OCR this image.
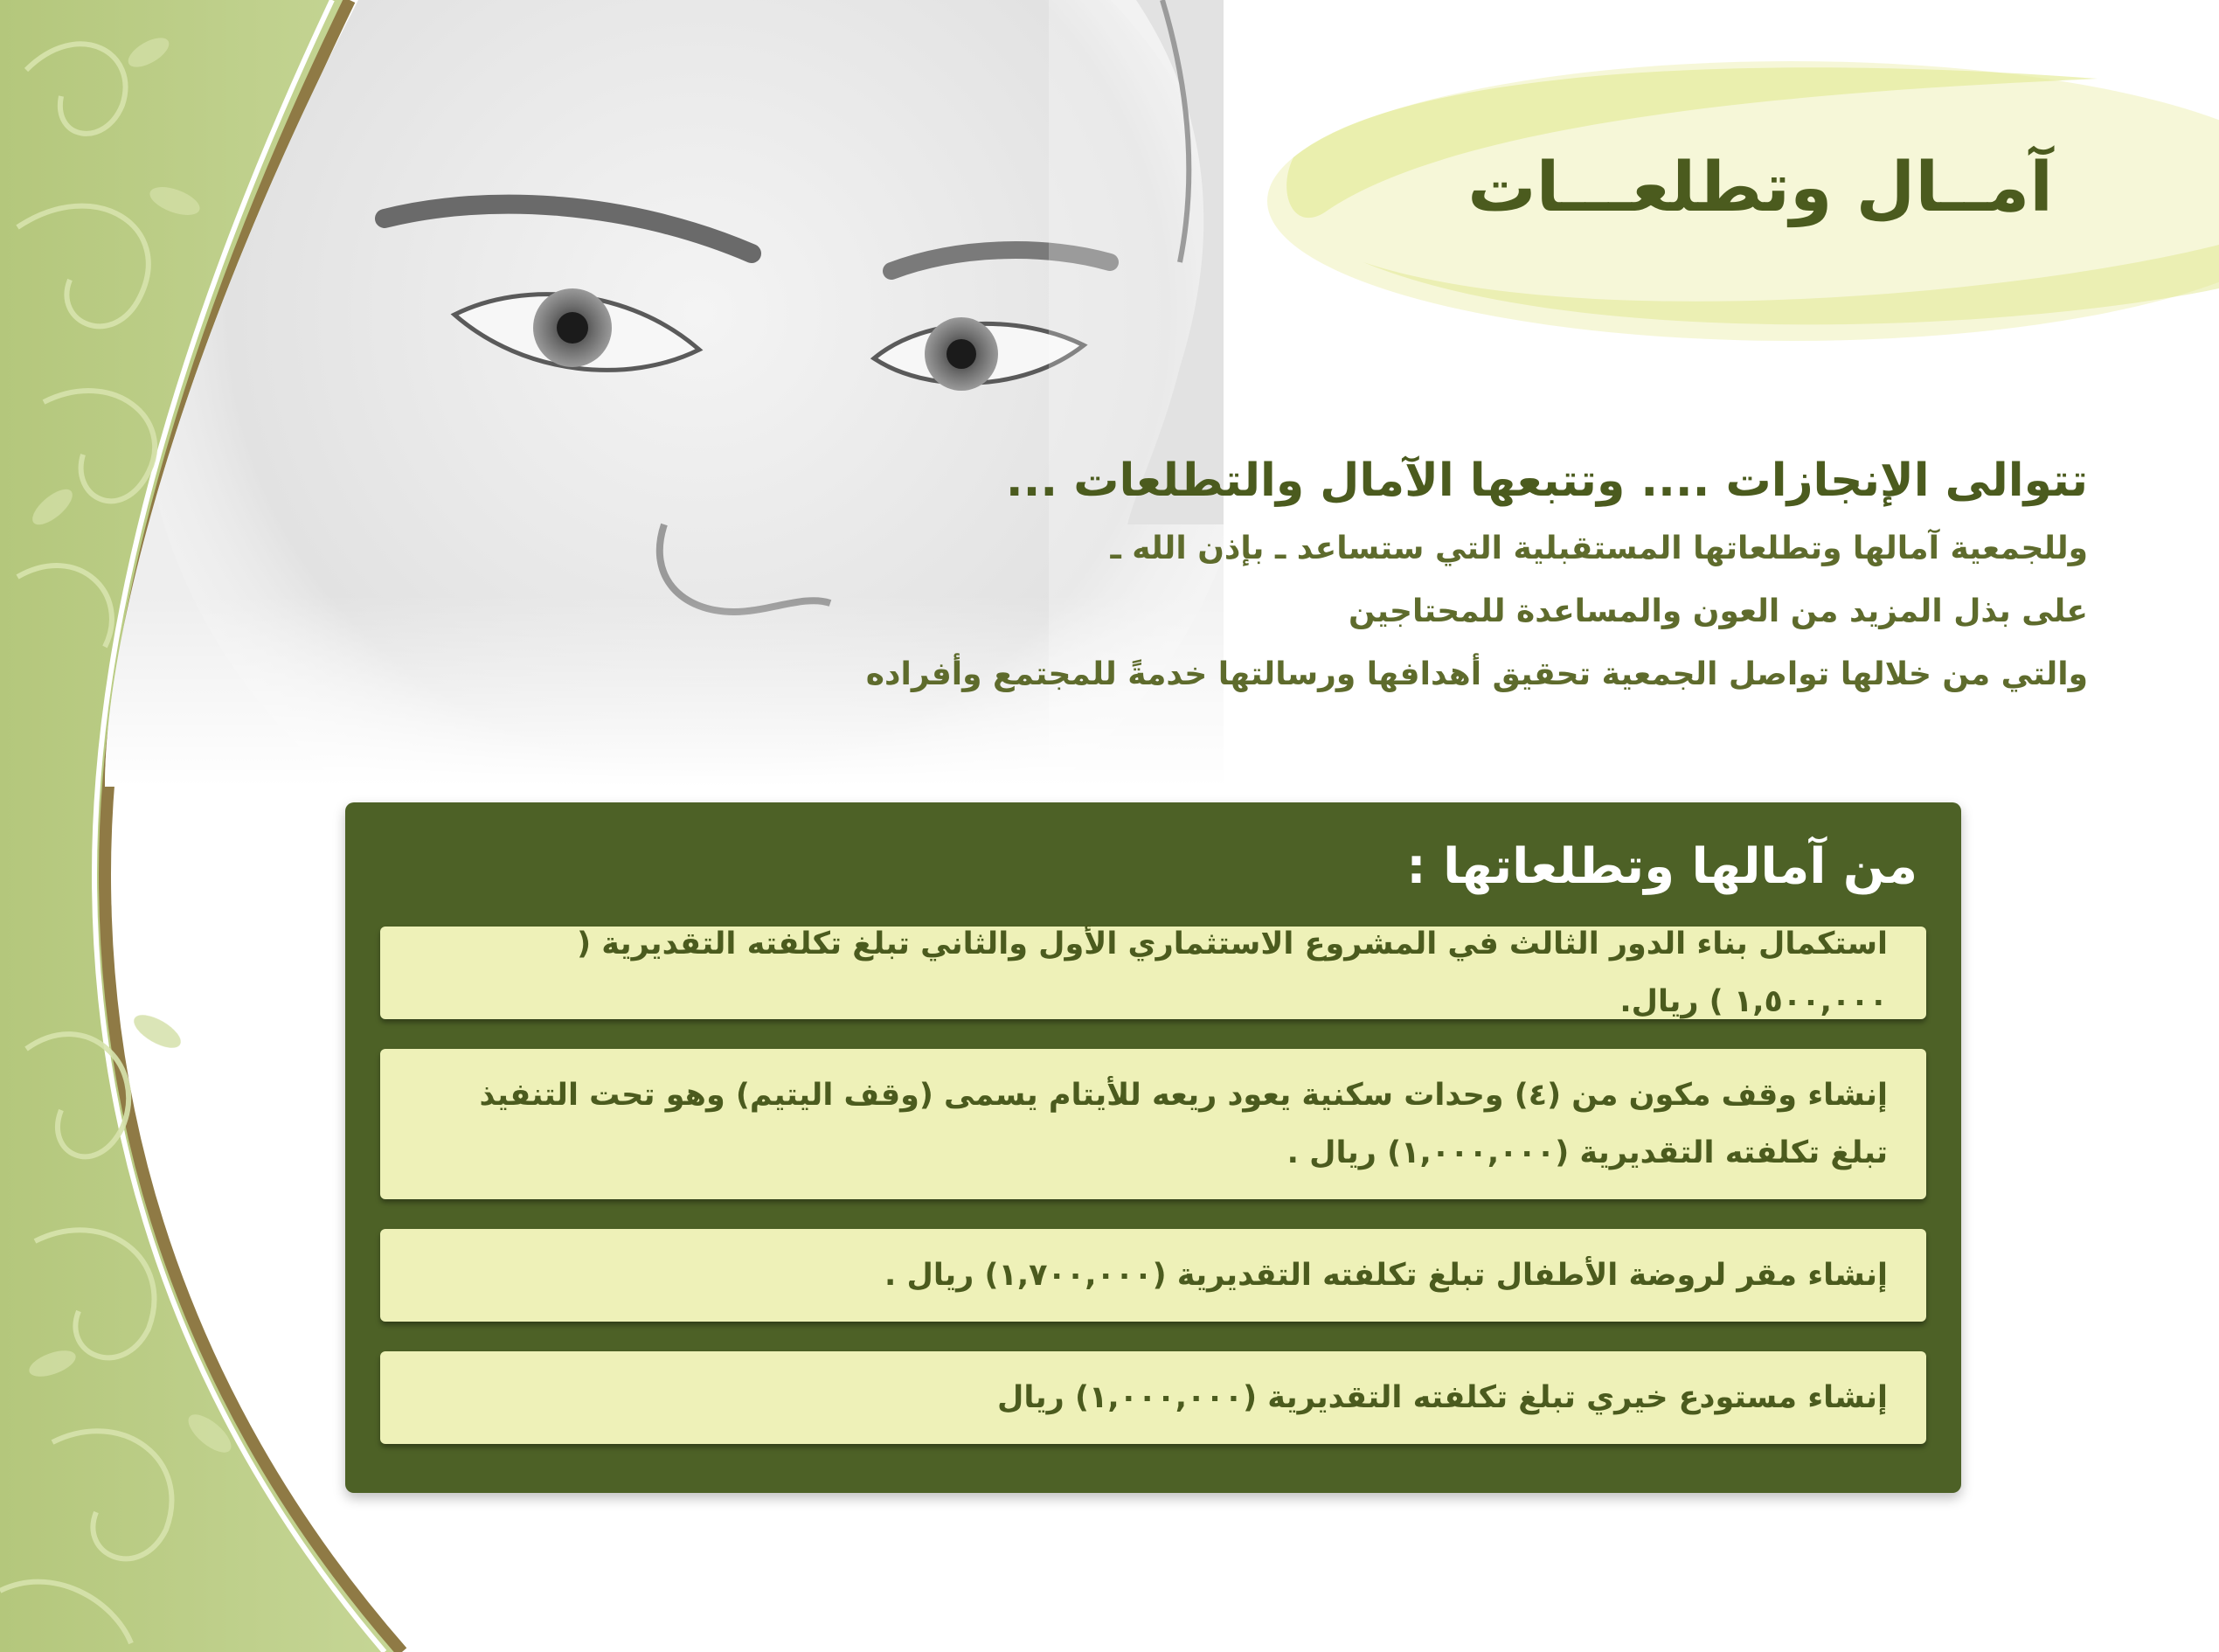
آمــال وتطلعـــات
تتوالى الإنجازات .... وتتبعها الآمال والتطلعات ...
وللجمعية آمالها وتطلعاتها المستقبلية التي ستساعد ـ بإذن الله ـ
على بذل المزيد من العون والمساعدة للمحتاجين
والتي من خلالها تواصل الجمعية تحقيق أهدافها ورسالتها خدمةً للمجتمع وأفراده
من آمالها وتطلعاتها :
استكمال بناء الدور الثالث في المشروع الاستثماري الأول والثاني تبلغ تكلفته التقديرية ( ١,٥٠٠,٠٠٠ ) ريال.
إنشاء وقف مكون من (٤) وحدات سكنية يعود ريعه للأيتام يسمى (وقف اليتيم) وهو تحت التنفيذ تبلغ تكلفته التقديرية (١,٠٠٠,٠٠٠) ريال .
إنشاء مقر لروضة الأطفال تبلغ تكلفته التقديرية (١,٧٠٠,٠٠٠) ريال .
إنشاء مستودع خيري تبلغ تكلفته التقديرية (١,٠٠٠,٠٠٠) ريال
